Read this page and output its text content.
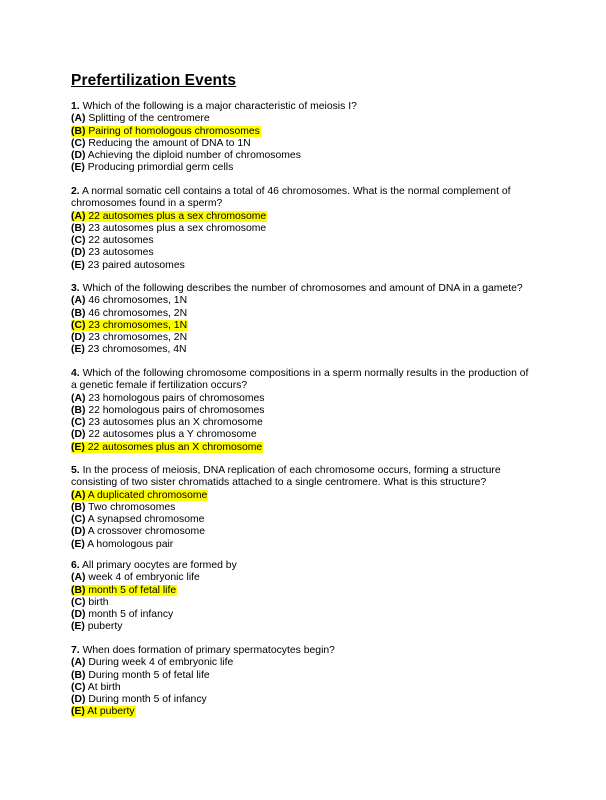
Prefertilization Events

1. Which of the following is a major characteristic of meiosis I?

(A) Splitting of the centromere
(B) Pairing of homologous chromosomes
(C) Reducing the amount of DNA to 1N
(D) Achieving the diploid number of chromosomes
(E) Producing primordial germ cells

2. A normal somatic cell contains a total of 46 chromosomes. What is the normal complement of chromosomes found in a sperm?

(A) 22 autosomes plus a sex chromosome
(B) 23 autosomes plus a sex chromosome
(C) 22 autosomes
(D) 23 autosomes
(E) 23 paired autosomes

3. Which of the following describes the number of chromosomes and amount of DNA in a gamete?

(A) 46 chromosomes, 1N
(B) 46 chromosomes, 2N
(C) 23 chromosomes, 1N
(D) 23 chromosomes, 2N
(E) 23 chromosomes, 4N

4. Which of the following chromosome compositions in a sperm normally results in the production of a genetic female if fertilization occurs?

(A) 23 homologous pairs of chromosomes
(B) 22 homologous pairs of chromosomes
(C) 23 autosomes plus an X chromosome
(D) 22 autosomes plus a Y chromosome
(E) 22 autosomes plus an X chromosome

5. In the process of meiosis, DNA replication of each chromosome occurs, forming a structure consisting of two sister chromatids attached to a single centromere. What is this structure?

(A) A duplicated chromosome
(B) Two chromosomes
(C) A synapsed chromosome
(D) A crossover chromosome
(E) A homologous pair

6. All primary oocytes are formed by

(A) week 4 of embryonic life
(B) month 5 of fetal life
(C) birth
(D) month 5 of infancy
(E) puberty

7. When does formation of primary spermatocytes begin?

(A) During week 4 of embryonic life
(B) During month 5 of fetal life
(C) At birth
(D) During month 5 of infancy
(E) At puberty
